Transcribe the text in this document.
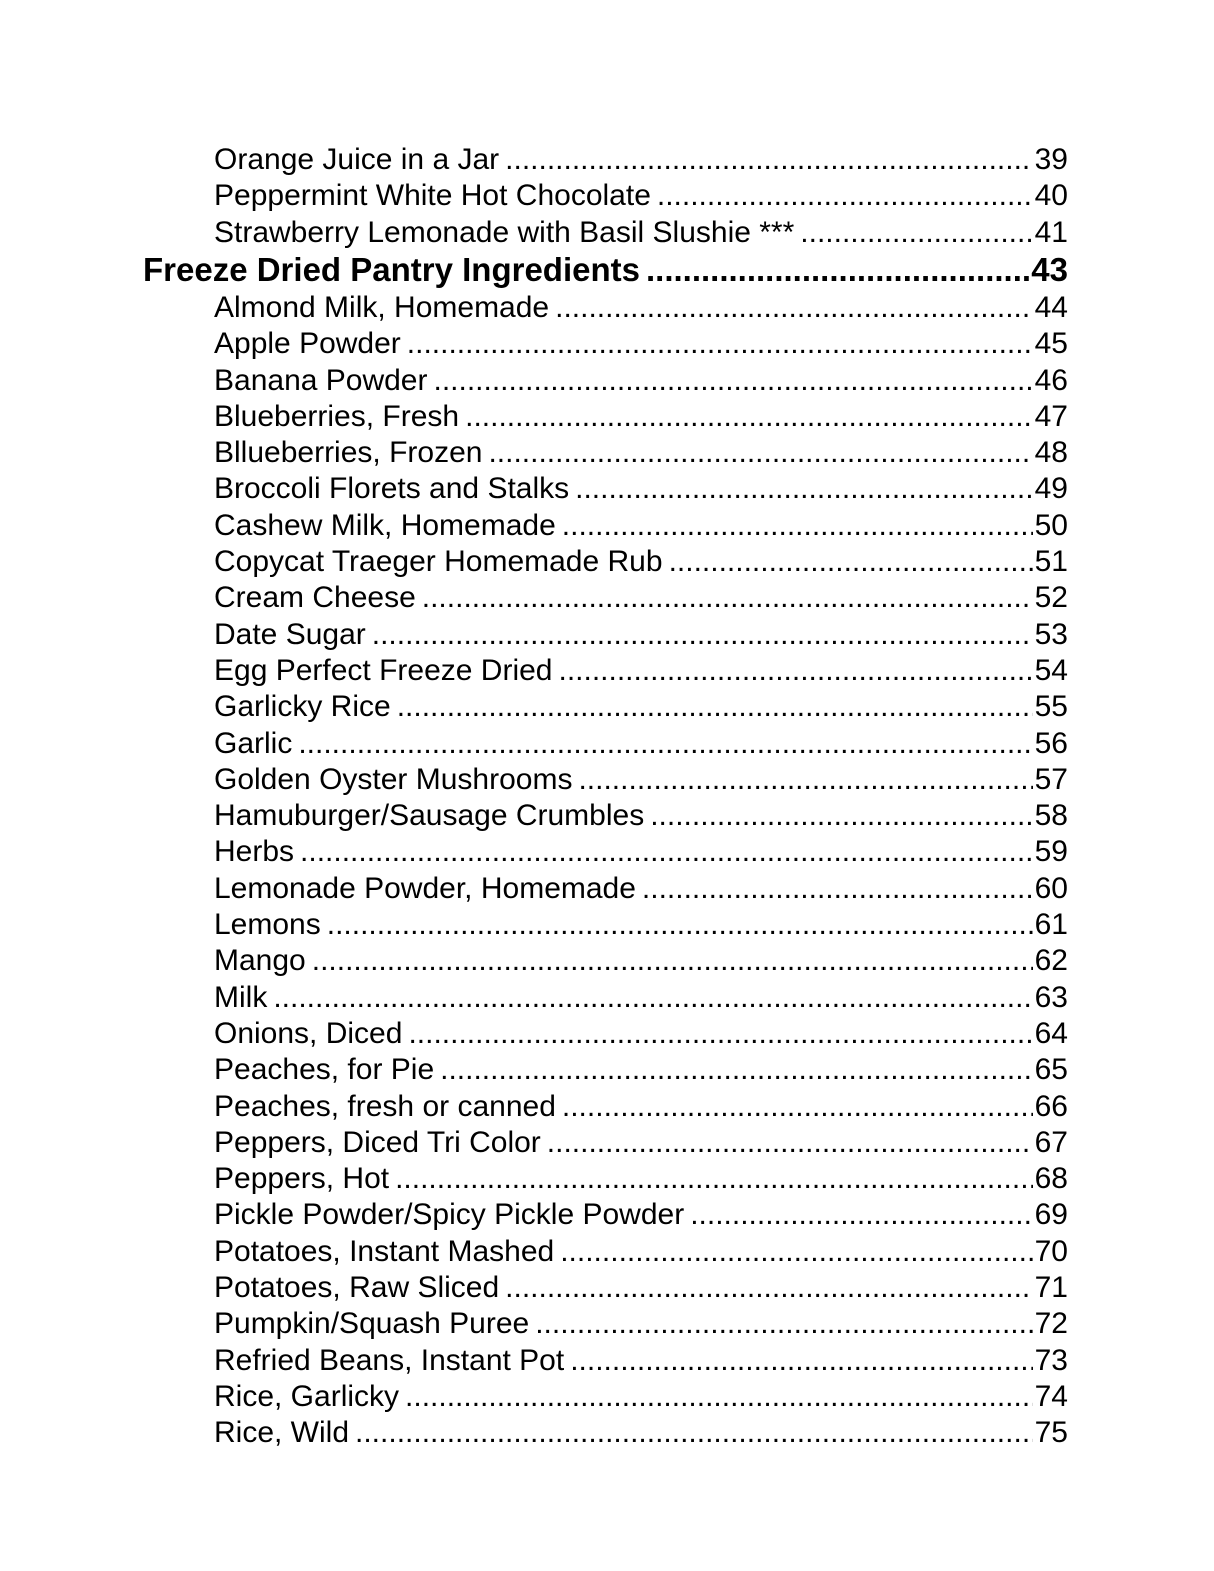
Orange Juice in a Jar .....	39
Peppermint White Hot Chocolate .....	40
Strawberry Lemonade with Basil Slushie *** .....	41
Freeze Dried Pantry Ingredients .....	43
Almond Milk, Homemade .....	44
Apple Powder .....	45
Banana Powder .....	46
Blueberries, Fresh .....	47
Bllueberries, Frozen .....	48
Broccoli Florets and Stalks .....	49
Cashew Milk, Homemade .....	50
Copycat Traeger Homemade Rub .....	51
Cream Cheese .....	52
Date Sugar .....	53
Egg Perfect Freeze Dried .....	54
Garlicky Rice .....	55
Garlic .....	56
Golden Oyster Mushrooms .....	57
Hamuburger/Sausage Crumbles .....	58
Herbs .....	59
Lemonade Powder, Homemade .....	60
Lemons .....	61
Mango .....	62
Milk .....	63
Onions, Diced .....	64
Peaches, for Pie .....	65
Peaches, fresh or canned .....	66
Peppers, Diced Tri Color .....	67
Peppers, Hot .....	68
Pickle Powder/Spicy Pickle Powder .....	69
Potatoes, Instant Mashed .....	70
Potatoes, Raw Sliced .....	71
Pumpkin/Squash Puree .....	72
Refried Beans, Instant Pot .....	73
Rice, Garlicky .....	74
Rice, Wild .....	75
